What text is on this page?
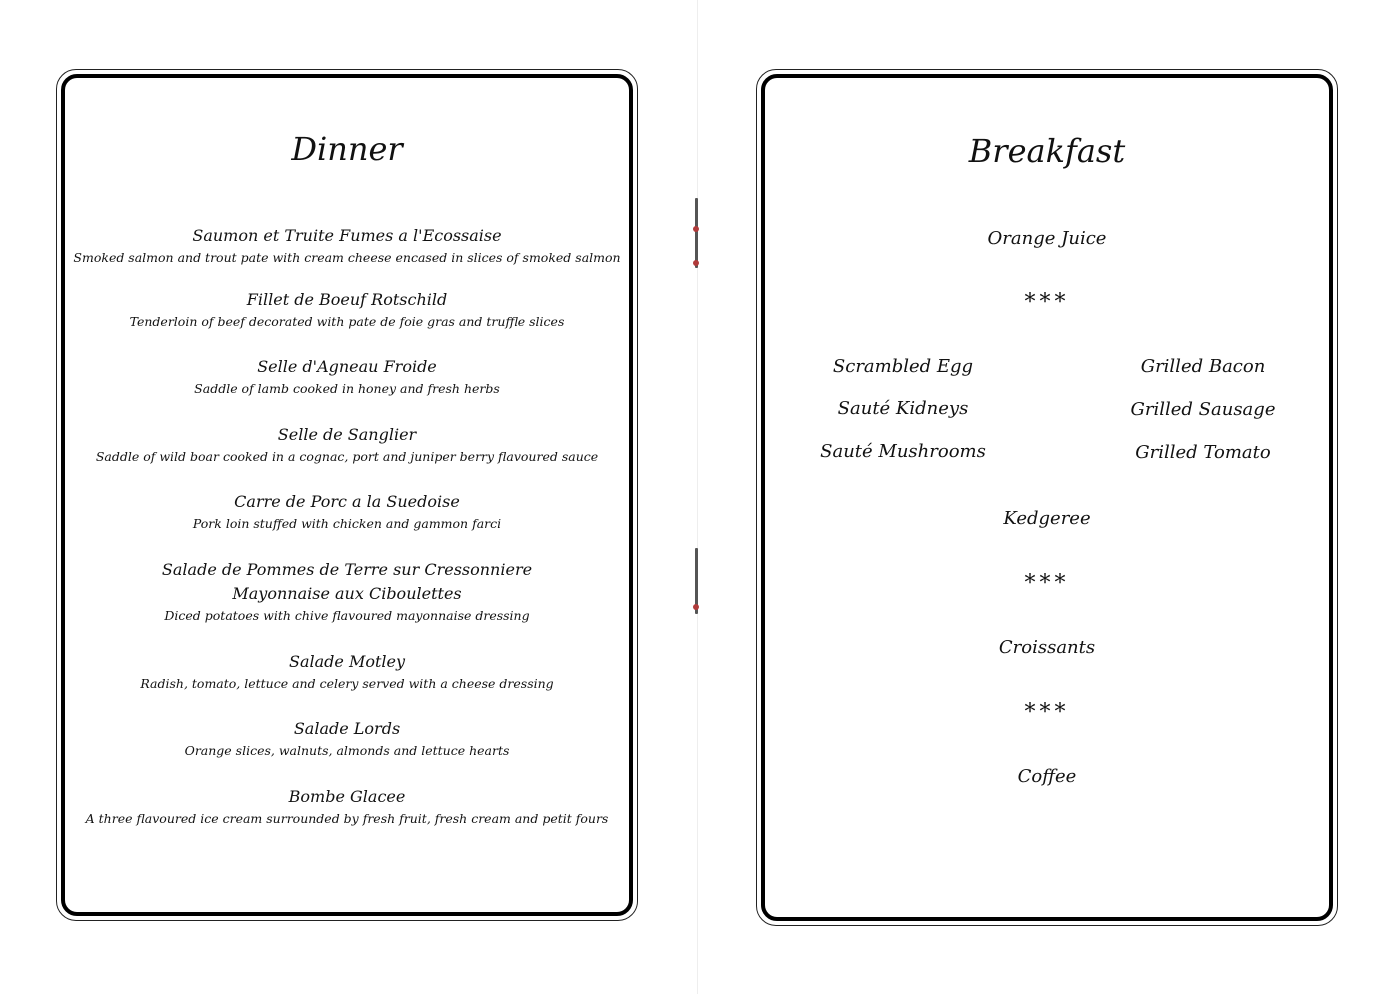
Dinner
Saumon et Truite Fumes a l'Ecossaise
Smoked salmon and trout pate with cream cheese encased in slices of smoked salmon
Fillet de Boeuf Rotschild
Tenderloin of beef decorated with pate de foie gras and truffle slices
Selle d'Agneau Froide
Saddle of lamb cooked in honey and fresh herbs
Selle de Sanglier
Saddle of wild boar cooked in a cognac, port and juniper berry flavoured sauce
Carre de Porc a la Suedoise
Pork loin stuffed with chicken and gammon farci
Salade de Pommes de Terre sur Cressonniere
Mayonnaise aux Ciboulettes
Diced potatoes with chive flavoured mayonnaise dressing
Salade Motley
Radish, tomato, lettuce and celery served with a cheese dressing
Salade Lords
Orange slices, walnuts, almonds and lettuce hearts
Bombe Glacee
A three flavoured ice cream surrounded by fresh fruit, fresh cream and petit fours
Breakfast
Orange Juice
***
Scrambled Egg
Sauté Kidneys
Sauté Mushrooms
Grilled Bacon
Grilled Sausage
Grilled Tomato
Kedgeree
***
Croissants
***
Coffee
